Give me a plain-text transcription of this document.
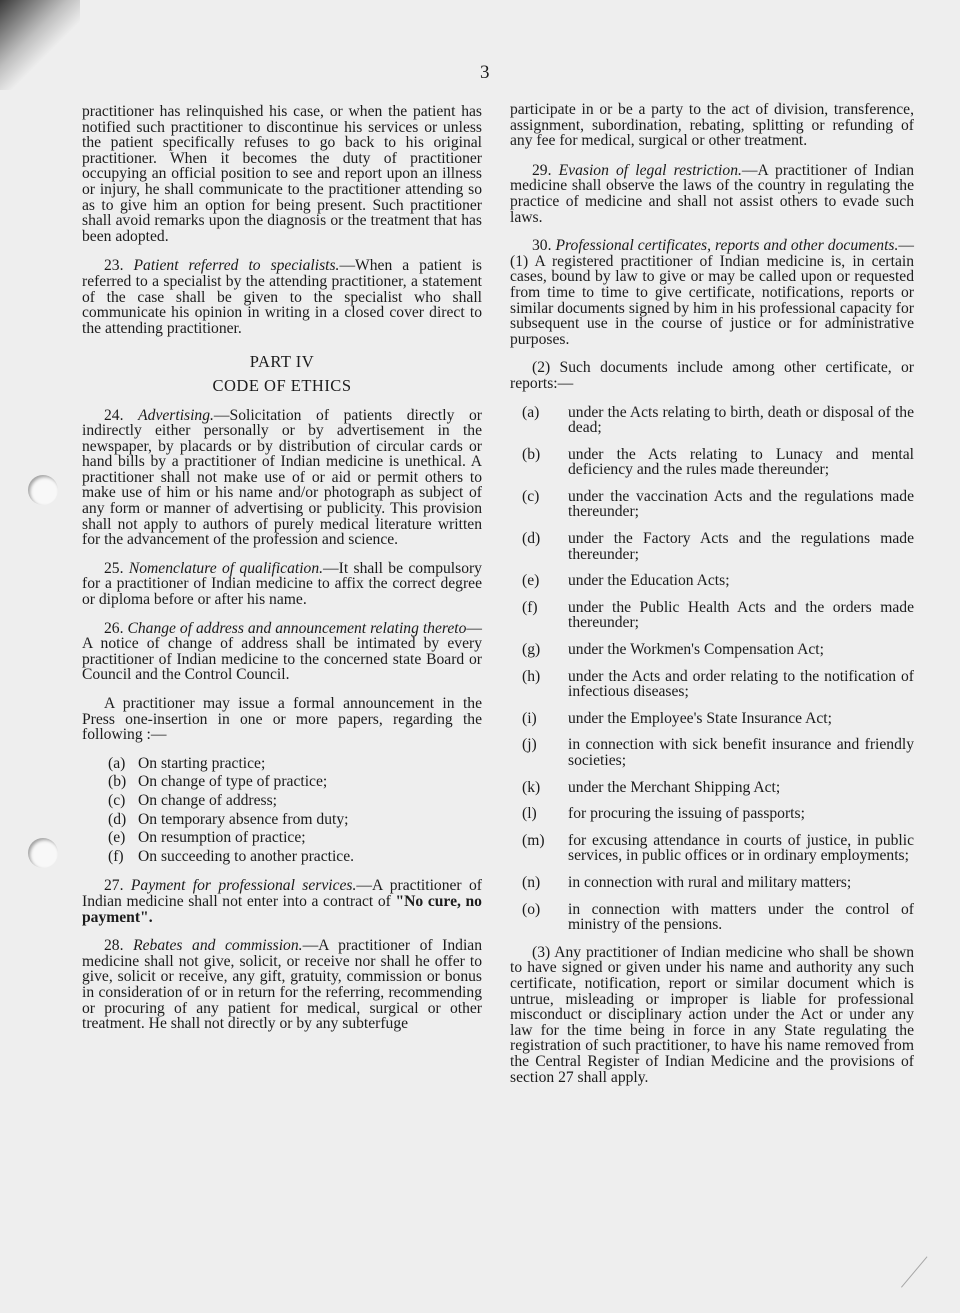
3

practitioner has relinquished his case, or when the patient has notified such practitioner to discontinue his services or unless the patient specifically refuses to go back to his original practitioner. When it becomes the duty of practitioner occupying an official position to see and report upon an illness or injury, he shall communicate to the practitioner attending so as to give him an option for being present. Such practitioner shall avoid remarks upon the diagnosis or the treatment that has been adopted.

23. Patient referred to specialists.—When a patient is referred to a specialist by the attending practitioner, a statement of the case shall be given to the specialist who shall communicate his opinion in writing in a closed cover direct to the attending practitioner.

PART IV
CODE OF ETHICS

24. Advertising.—Solicitation of patients directly or indirectly either personally or by advertisement in the newspaper, by placards or by distribution of circular cards or hand bills by a practitioner of Indian medicine is unethical. A practitioner shall not make use of or aid or permit others to make use of him or his name and/or photograph as subject of any form or manner of advertising or publicity. This provision shall not apply to authors of purely medical literature written for the advancement of the profession and science.

25. Nomenclature of qualification.—It shall be compulsory for a practitioner of Indian medicine to affix the correct degree or diploma before or after his name.

26. Change of address and announcement relating thereto—A notice of change of address shall be intimated by every practitioner of Indian medicine to the concerned state Board or Council and the Control Council.

A practitioner may issue a formal announcement in the Press one-insertion in one or more papers, regarding the following :—

(a) On starting practice;
(b) On change of type of practice;
(c) On change of address;
(d) On temporary absence from duty;
(e) On resumption of practice;
(f) On succeeding to another practice.

27. Payment for professional services.—A practitioner of Indian medicine shall not enter into a contract of "No cure, no payment".

28. Rebates and commission.—A practitioner of Indian medicine shall not give, solicit, or receive nor shall he offer to give, solicit or receive, any gift, gratuity, commission or bonus in consideration of or in return for the referring, recommending or procuring of any patient for medical, surgical or other treatment. He shall not directly or by any subterfuge

participate in or be a party to the act of division, transference, assignment, subordination, rebating, splitting or refunding of any fee for medical, surgical or other treatment.

29. Evasion of legal restriction.—A practitioner of Indian medicine shall observe the laws of the country in regulating the practice of medicine and shall not assist others to evade such laws.

30. Professional certificates, reports and other documents.—(1) A registered practitioner of Indian medicine is, in certain cases, bound by law to give or may be called upon or requested from time to time to give certificate, notifications, reports or similar documents signed by him in his professional capacity for subsequent use in the course of justice or for administrative purposes.

(2) Such documents include among other certificate, or reports:—

(a)	under the Acts relating to birth, death or disposal of the dead;
(b)	under the Acts relating to Lunacy and mental deficiency and the rules made thereunder;
(c)	under the vaccination Acts and the regulations made thereunder;
(d)	under the Factory Acts and the regulations made thereunder;
(e)	under the Education Acts;
(f)	under the Public Health Acts and the orders made thereunder;
(g)	under the Workmen's Compensation Act;
(h)	under the Acts and order relating to the notification of infectious diseases;
(i)	under the Employee's State Insurance Act;
(j)	in connection with sick benefit insurance and friendly societies;
(k)	under the Merchant Shipping Act;
(l)	for procuring the issuing of passports;
(m)	for excusing attendance in courts of justice, in public services, in public offices or in ordinary employments;
(n)	in connection with rural and military matters;
(o)	in connection with matters under the control of ministry of the pensions.

(3) Any practitioner of Indian medicine who shall be shown to have signed or given under his name and authority any such certificate, notification, report or similar document which is untrue, misleading or improper is liable for professional misconduct or disciplinary action under the Act or under any law for the time being in force in any State regulating the registration of such practitioner, to have his name removed from the Central Register of Indian Medicine and the provisions of section 27 shall apply.
